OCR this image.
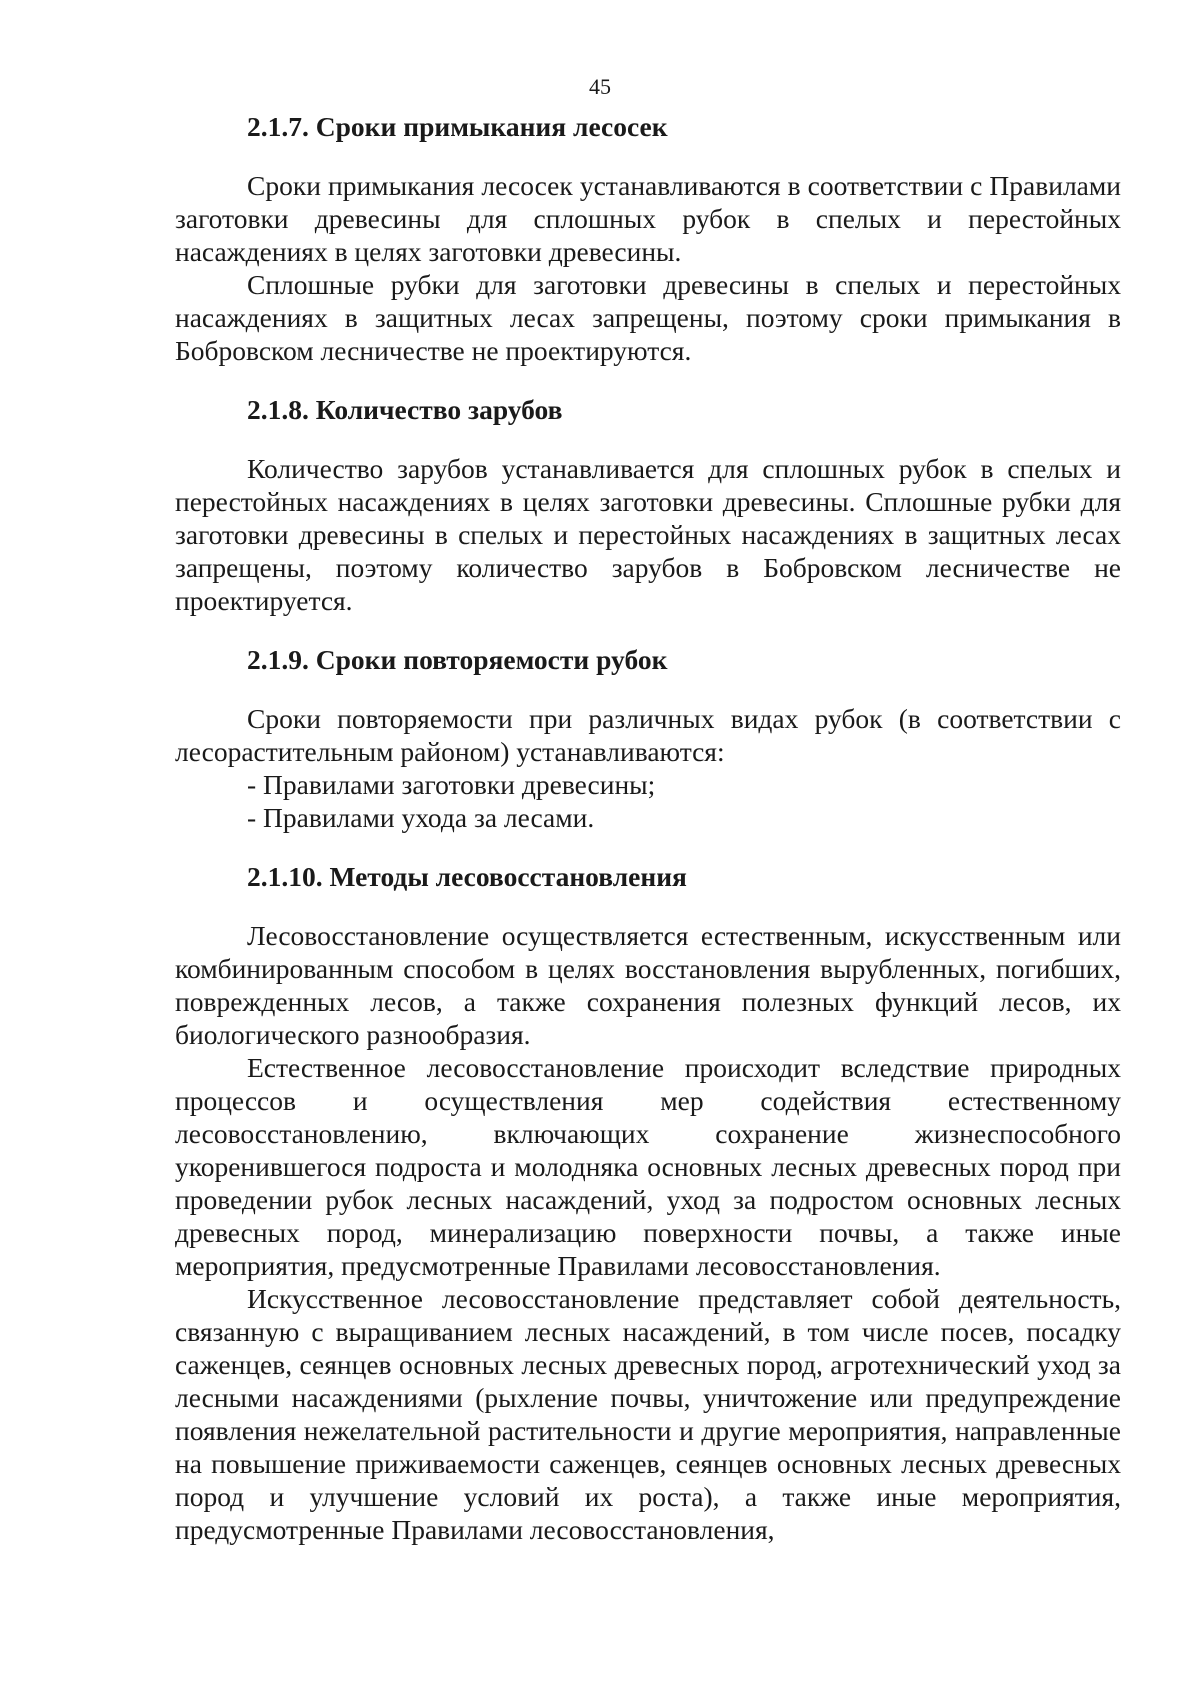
45

2.1.7. Сроки примыкания лесосек

Сроки примыкания лесосек устанавливаются в соответствии с Правилами заготовки древесины для сплошных рубок в спелых и перестойных насаждениях в целях заготовки древесины.

Сплошные рубки для заготовки древесины в спелых и перестойных насаждениях в защитных лесах запрещены, поэтому сроки примыкания в Бобровском лесничестве не проектируются.

2.1.8. Количество зарубов

Количество зарубов устанавливается для сплошных рубок в спелых и перестойных насаждениях в целях заготовки древесины. Сплошные рубки для заготовки древесины в спелых и перестойных насаждениях в защитных лесах запрещены, поэтому количество зарубов в Бобровском лесничестве не проектируется.

2.1.9. Сроки повторяемости рубок

Сроки повторяемости при различных видах рубок (в соответствии с лесорастительным районом) устанавливаются:

- Правилами заготовки древесины;

- Правилами ухода за лесами.

2.1.10. Методы лесовосстановления

Лесовосстановление осуществляется естественным, искусственным или комбинированным способом в целях восстановления вырубленных, погибших, поврежденных лесов, а также сохранения полезных функций лесов, их биологического разнообразия.

Естественное лесовосстановление происходит вследствие природных процессов и осуществления мер содействия естественному лесовосстановлению, включающих сохранение жизнеспособного укоренившегося подроста и молодняка основных лесных древесных пород при проведении рубок лесных насаждений, уход за подростом основных лесных древесных пород, минерализацию поверхности почвы, а также иные мероприятия, предусмотренные Правилами лесовосстановления.

Искусственное лесовосстановление представляет собой деятельность, связанную с выращиванием лесных насаждений, в том числе посев, посадку саженцев, сеянцев основных лесных древесных пород, агротехнический уход за лесными насаждениями (рыхление почвы, уничтожение или предупреждение появления нежелательной растительности и другие мероприятия, направленные на повышение приживаемости саженцев, сеянцев основных лесных древесных пород и улучшение условий их роста), а также иные мероприятия, предусмотренные Правилами лесовосстановления,
